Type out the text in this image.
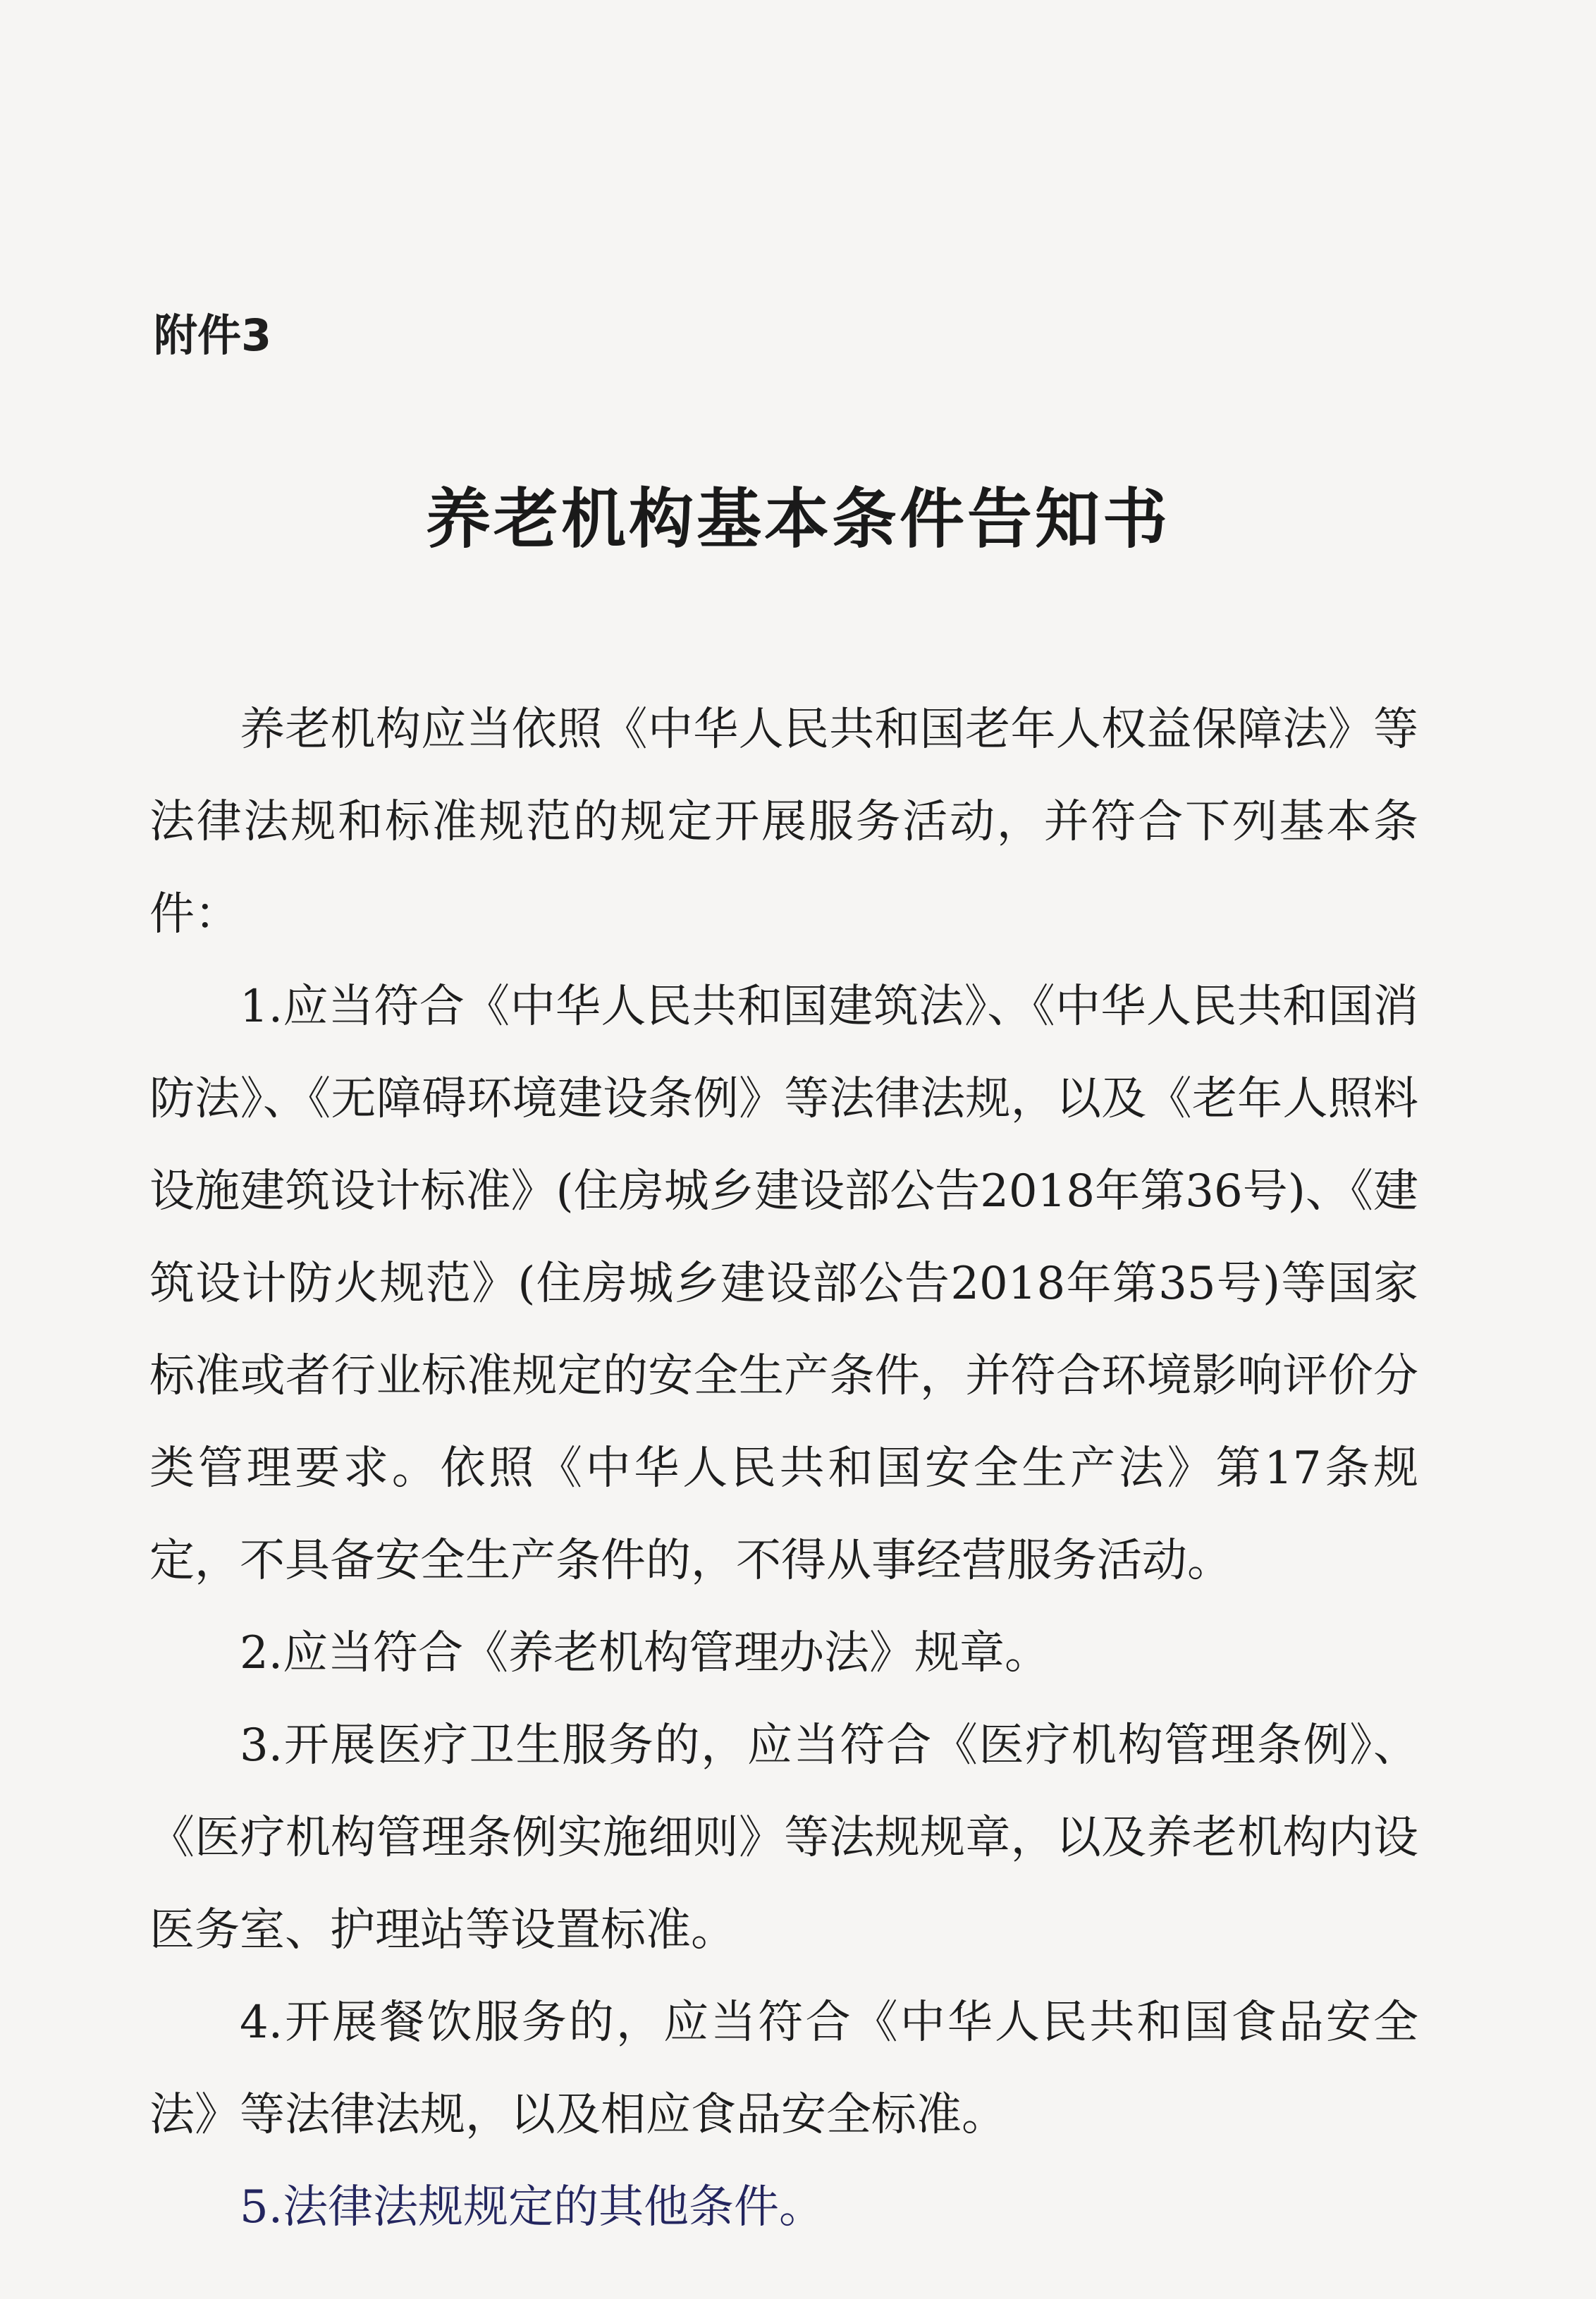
附件3
养老机构基本条件告知书

养老机构应当依照《中华人民共和国老年人权益保障法》等法律法规和标准规范的规定开展服务活动，并符合下列基本条件：

1.应当符合《中华人民共和国建筑法》、《中华人民共和国消防法》、《无障碍环境建设条例》等法律法规，以及《老年人照料设施建筑设计标准》(住房城乡建设部公告2018年第36号)、《建筑设计防火规范》(住房城乡建设部公告2018年第35号)等国家标准或者行业标准规定的安全生产条件，并符合环境影响评价分类管理要求。依照《中华人民共和国安全生产法》第17条规定，不具备安全生产条件的，不得从事经营服务活动。

2.应当符合《养老机构管理办法》规章。

3.开展医疗卫生服务的，应当符合《医疗机构管理条例》、《医疗机构管理条例实施细则》等法规规章，以及养老机构内设医务室、护理站等设置标准。

4.开展餐饮服务的，应当符合《中华人民共和国食品安全法》等法律法规，以及相应食品安全标准。

5.法律法规规定的其他条件。
